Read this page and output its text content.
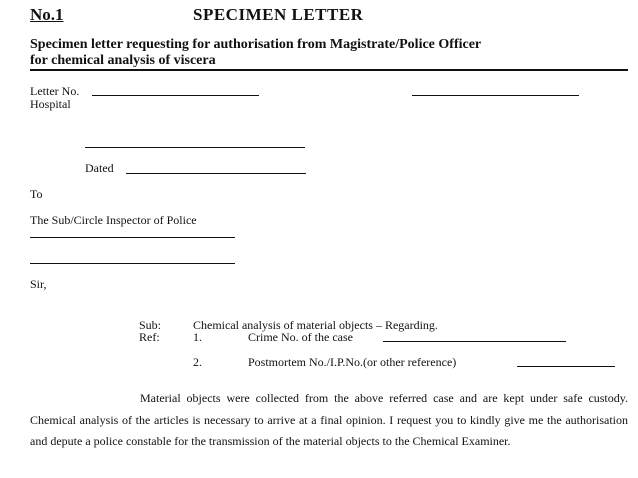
No.1	SPECIMEN LETTER
Specimen letter requesting for authorisation from Magistrate/Police Officer
for chemical analysis of viscera
Letter No.
Hospital
Dated
To
The Sub/Circle Inspector of Police
Sir,
Sub:	Chemical analysis of material objects – Regarding.
Ref:	1.	Crime No. of the case
2.	Postmortem No./I.P.No.(or other reference)
Material objects were collected from the above referred case and are kept under safe custody. Chemical analysis of the articles is necessary to arrive at a final opinion. I request you to kindly give me the authorisation and depute a police constable for the transmission of the material objects to the Chemical Examiner.
